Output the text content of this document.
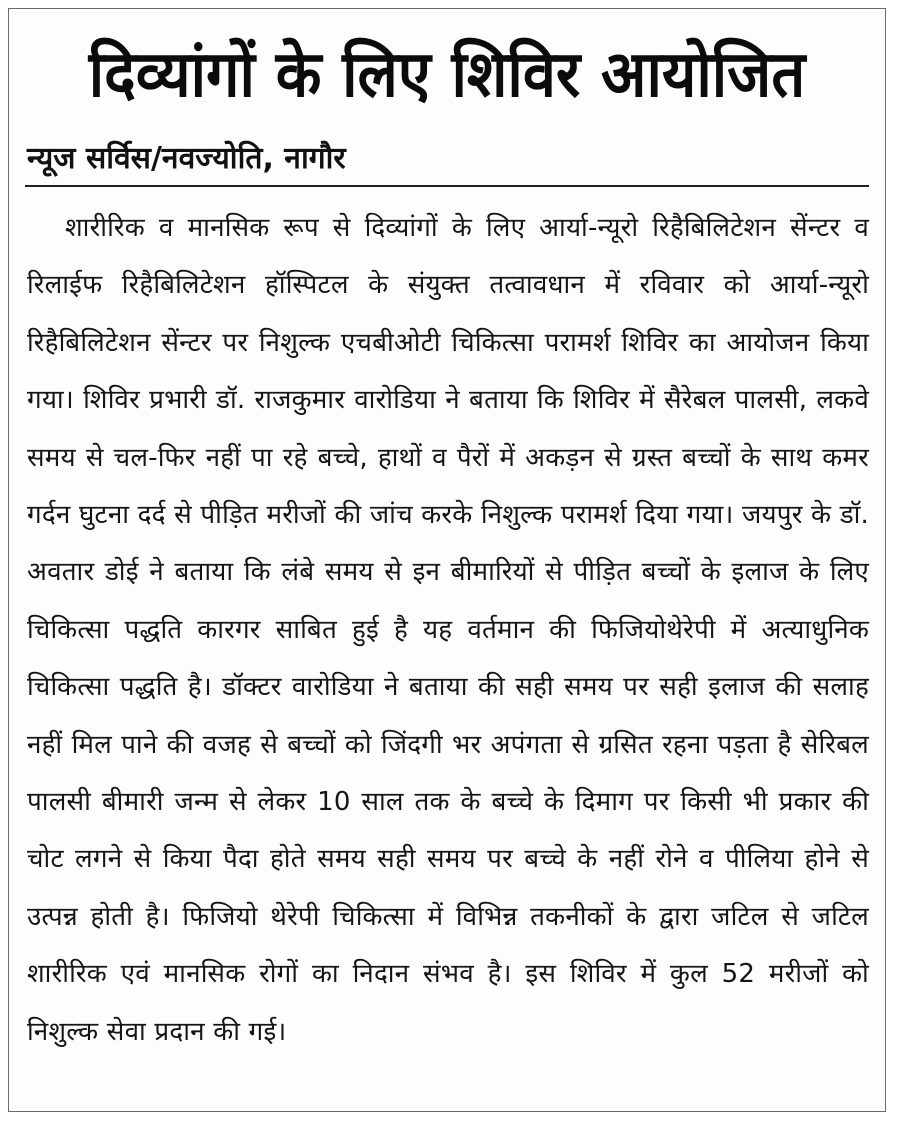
दिव्यांगों के लिए शिविर आयोजित
न्यूज सर्विस/नवज्योति, नागौर

शारीरिक व मानसिक रूप से दिव्यांगों के लिए आर्या-न्यूरो रिहैबिलिटेशन सेंन्टर व रिलाईफ रिहैबिलिटेशन हॉस्पिटल के संयुक्त तत्वावधान में रविवार को आर्या-न्यूरो रिहैबिलिटेशन सेंन्टर पर निशुल्क एचबीओटी चिकित्सा परामर्श शिविर का आयोजन किया गया। शिविर प्रभारी डॉ. राजकुमार वारोडिया ने बताया कि शिविर में सैरेबल पालसी, लकवे समय से चल-फिर नहीं पा रहे बच्चे, हाथों व पैरों में अकड़न से ग्रस्त बच्चों के साथ कमर गर्दन घुटना दर्द से पीड़ित मरीजों की जांच करके निशुल्क परामर्श दिया गया। जयपुर के डॉ. अवतार डोई ने बताया कि लंबे समय से इन बीमारियों से पीड़ित बच्चों के इलाज के लिए चिकित्सा पद्धति कारगर साबित हुई है यह वर्तमान की फिजियोथेरेपी में अत्याधुनिक चिकित्सा पद्धति है। डॉक्टर वारोडिया ने बताया की सही समय पर सही इलाज की सलाह नहीं मिल पाने की वजह से बच्चों को जिंदगी भर अपंगता से ग्रसित रहना पड़ता है सेरिबल पालसी बीमारी जन्म से लेकर 10 साल तक के बच्चे के दिमाग पर किसी भी प्रकार की चोट लगने से किया पैदा होते समय सही समय पर बच्चे के नहीं रोने व पीलिया होने से उत्पन्न होती है। फिजियो थेरेपी चिकित्सा में विभिन्न तकनीकों के द्वारा जटिल से जटिल शारीरिक एवं मानसिक रोगों का निदान संभव है। इस शिविर में कुल 52 मरीजों को निशुल्क सेवा प्रदान की गई।
